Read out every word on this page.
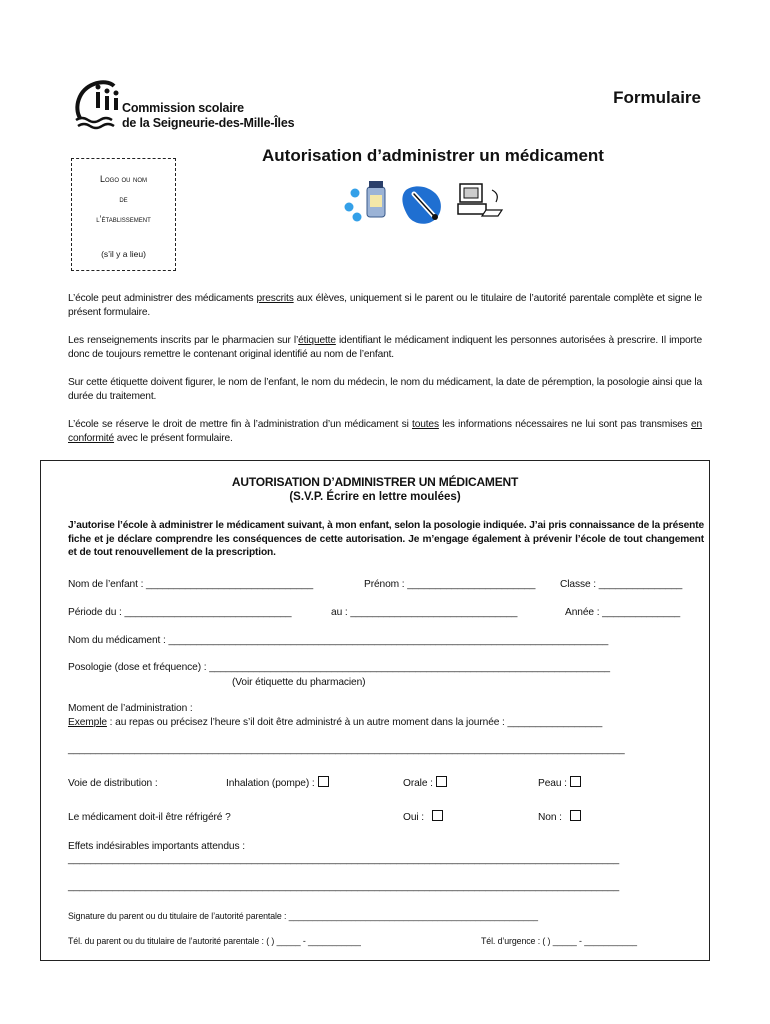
Commission scolaire
de la Seigneurie-des-Mille-Îles
Formulaire
Autorisation d’administrer un médicament
Logo ou nom
de
l’établissement
(s’il y a lieu)
L’école peut administrer des médicaments prescrits aux élèves, uniquement si le parent ou le titulaire de l’autorité parentale complète et signe le présent formulaire.
Les renseignements inscrits par le pharmacien sur l’étiquette identifiant le médicament indiquent les personnes autorisées à prescrire. Il importe donc de toujours remettre le contenant original identifié au nom de l’enfant.
Sur cette étiquette doivent figurer, le nom de l’enfant, le nom du médecin, le nom du médicament, la date de péremption, la posologie ainsi que la durée du traitement.
L’école se réserve le droit de mettre fin à l’administration d’un médicament si toutes les informations nécessaires ne lui sont pas transmises en conformité avec le présent formulaire.
AUTORISATION D’ADMINISTRER UN MÉDICAMENT
(S.V.P. Écrire en lettre moulées)
J’autorise l’école à administrer le médicament suivant, à mon enfant, selon la posologie indiquée. J’ai pris connaissance de la présente fiche et je déclare comprendre les conséquences de cette autorisation. Je m’engage également à prévenir l’école de tout changement et de tout renouvellement de la prescription.
Nom de l’enfant : ______________________________	Prénom : _______________________ Classe : _______________
Période du : ______________________________	au : ______________________________	Année : ______________
Nom du médicament : _______________________________________________________________________________
Posologie (dose et fréquence) : ________________________________________________________________________
(Voir étiquette du pharmacien)
Moment de l’administration :
Exemple : au repas ou précisez l’heure s’il doit être administré à un autre moment dans la journée : _________________
____________________________________________________________________________________________________
Voie de distribution :	Inhalation (pompe) :	Orale :	Peau :
Le médicament doit-il être réfrigéré ?	Oui :	Non :
Effets indésirables importants attendus :
___________________________________________________________________________________________________
___________________________________________________________________________________________________
Signature du parent ou du titulaire de l’autorité parentale : ____________________________________________________
Tél. du parent ou du titulaire de l’autorité parentale : ( ) _____ - ___________	Tél. d’urgence : ( ) _____ - ___________
